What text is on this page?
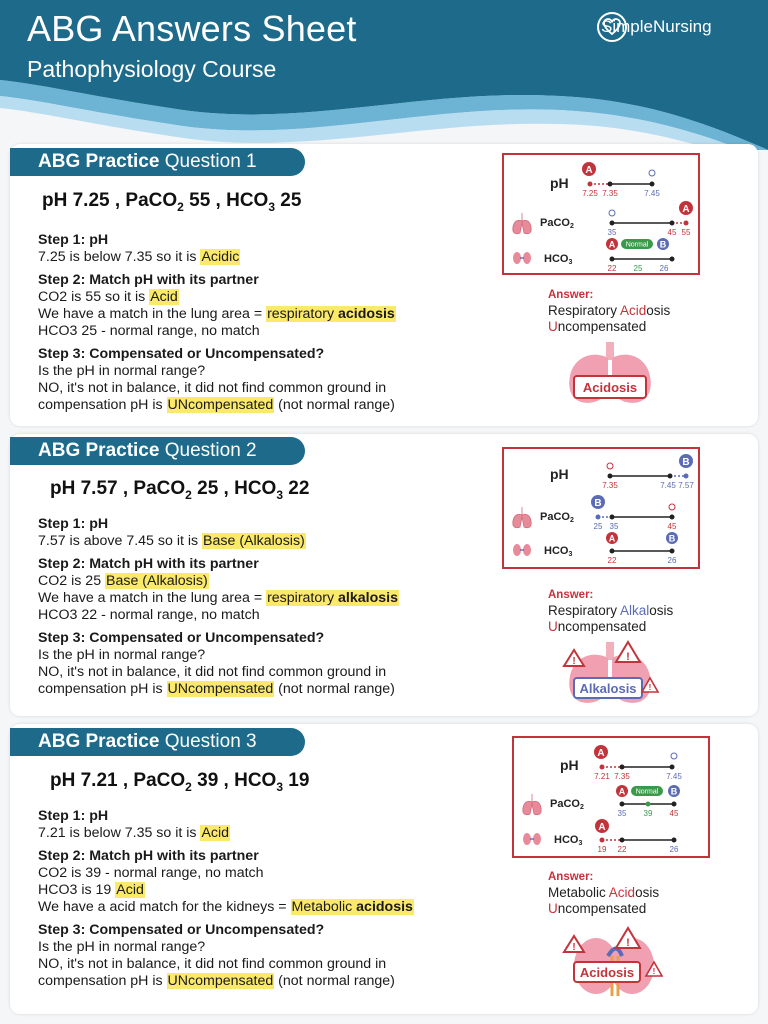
ABG Answers Sheet
Pathophysiology Course
SimpleNursing
ABG Practice Question 1
pH 7.25 , PaCO$_2$ 55 , $HCO_3$ 25
Step 1: pH
7.25 is below 7.35 so it is Acidic
Step 2: Match pH with its partner
CO2 is 55 so it is Acid
We have a match in the lung area = respiratory acidosis
HCO3 25 - normal range, no match
Step 3: Compensated or Uncompensated?
Is the pH in normal range?
NO, it's not in balance, it did not find common ground in
compensation pH is UNcompensated (not normal range)
pH
A
7.25 7.35	7.45
PaCO2
A
35	45 55
HCO3
A Normal B
22 25 26
Answer:
Respiratory Acidosis
Uncompensated
Acidosis
ABG Practice Question 2
pH 7.57 , PaCO$_2$ 25 , $HCO_3$ 22
Step 1: pH
7.57 is above 7.45 so it is Base (Alkalosis)
Step 2: Match pH with its partner
CO2 is 25 Base (Alkalosis)
We have a match in the lung area = respiratory alkalosis
HCO3 22 - normal range, no match
Step 3: Compensated or Uncompensated?
Is the pH in normal range?
NO, it's not in balance, it did not find common ground in
compensation pH is UNcompensated (not normal range)
pH
B
7.35	7.45 7.57
PaCO2
B
25 35	45
HCO3
A	B
22	26
Answer:
Respiratory Alkalosis
Uncompensated
!	!
Alkalosis !
ABG Practice Question 3
pH 7.21 , PaCO$_2$ 39 , $HCO_3$ 19
Step 1: pH
7.21 is below 7.35 so it is Acid
Step 2: Match pH with its partner
CO2 is 39 - normal range, no match
HCO3 is 19 Acid
We have a acid match for the kidneys = Metabolic acidosis
Step 3: Compensated or Uncompensated?
Is the pH in normal range?
NO, it's not in balance, it did not find common ground in
compensation pH is UNcompensated (not normal range)
pH
A
7.21 7.35	7.45
PaCO2
A Normal B
35 39 45
HCO3
A
19 22	26
Answer:
Metabolic Acidosis
Uncompensated
!	!
Acidosis !
